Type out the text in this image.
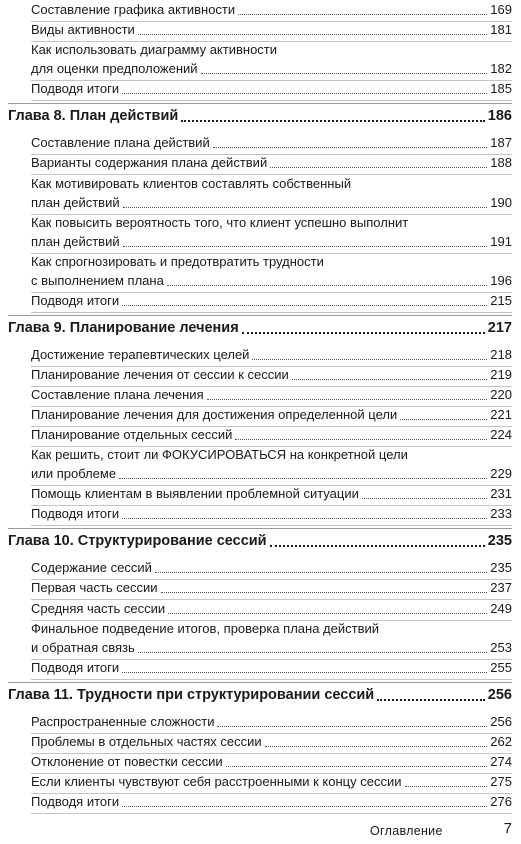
Составление графика активности	169
Виды активности	181
Как использовать диаграмму активности
для оценки предположений	182
Подводя итоги	185
Глава 8. План действий	186
Составление плана действий	187
Варианты содержания плана действий	188
Как мотивировать клиентов составлять собственный
план действий	190
Как повысить вероятность того, что клиент успешно выполнит
план действий	191
Как спрогнозировать и предотвратить трудности
с выполнением плана	196
Подводя итоги	215
Глава 9. Планирование лечения	217
Достижение терапевтических целей	218
Планирование лечения от сессии к сессии	219
Составление плана лечения	220
Планирование лечения для достижения определенной цели	221
Планирование отдельных сессий	224
Как решить, стоит ли ФОКУСИРОВАТЬСЯ на конкретной цели
или проблеме	229
Помощь клиентам в выявлении проблемной ситуации	231
Подводя итоги	233
Глава 10. Структурирование сессий	235
Содержание сессий	235
Первая часть сессии	237
Средняя часть сессии	249
Финальное подведение итогов, проверка плана действий
и обратная связь	253
Подводя итоги	255
Глава 11. Трудности при структурировании сессий	256
Распространенные сложности	256
Проблемы в отдельных частях сессии	262
Отклонение от повестки сессии	274
Если клиенты чувствуют себя расстроенными к концу сессии	275
Подводя итоги	276
Оглавление	7
